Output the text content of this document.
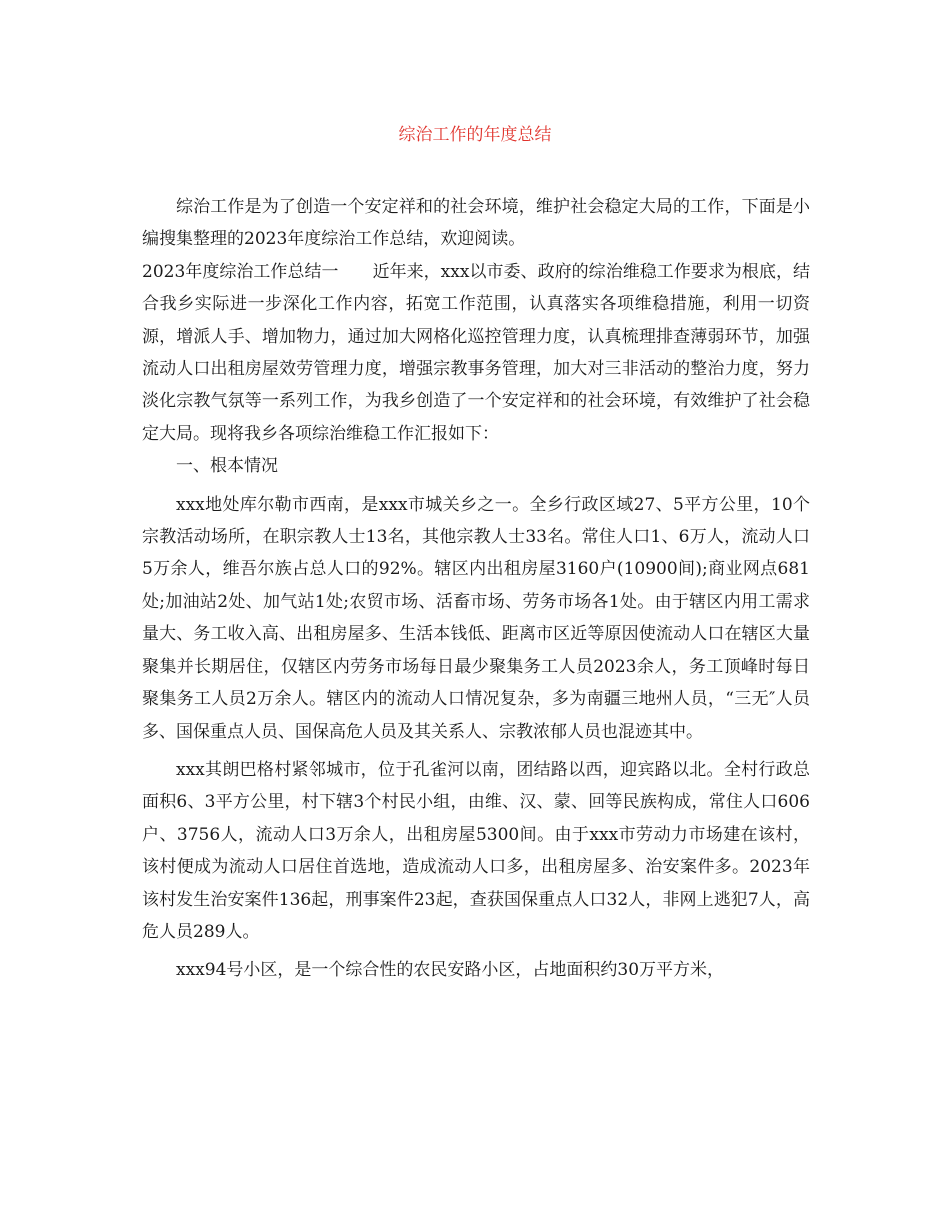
综治工作的年度总结

综治工作是为了创造一个安定祥和的社会环境，维护社会稳定大局的工作，下面是小编搜集整理的2023年度综治工作总结，欢迎阅读。

2023年度综治工作总结一 近年来，xxx以市委、政府的综治维稳工作要求为根底，结合我乡实际进一步深化工作内容，拓宽工作范围，认真落实各项维稳措施，利用一切资源，增派人手、增加物力，通过加大网格化巡控管理力度，认真梳理排查薄弱环节，加强流动人口出租房屋效劳管理力度，增强宗教事务管理，加大对三非活动的整治力度，努力淡化宗教气氛等一系列工作，为我乡创造了一个安定祥和的社会环境，有效维护了社会稳定大局。现将我乡各项综治维稳工作汇报如下：

一、根本情况

xxx地处库尔勒市西南，是xxx市城关乡之一。全乡行政区域27、5平方公里，10个宗教活动场所，在职宗教人士13名，其他宗教人士33名。常住人口1、6万人，流动人口5万余人，维吾尔族占总人口的92%。辖区内出租房屋3160户(10900间);商业网点681处;加油站2处、加气站1处;农贸市场、活畜市场、劳务市场各1处。由于辖区内用工需求量大、务工收入高、出租房屋多、生活本钱低、距离市区近等原因使流动人口在辖区大量聚集并长期居住，仅辖区内劳务市场每日最少聚集务工人员2023余人，务工顶峰时每日聚集务工人员2万余人。辖区内的流动人口情况复杂，多为南疆三地州人员，“三无″人员多、国保重点人员、国保高危人员及其关系人、宗教浓郁人员也混迹其中。

xxx其朗巴格村紧邻城市，位于孔雀河以南，团结路以西，迎宾路以北。全村行政总面积6、3平方公里，村下辖3个村民小组，由维、汉、蒙、回等民族构成，常住人口606户、3756人，流动人口3万余人，出租房屋5300间。由于xxx市劳动力市场建在该村，该村便成为流动人口居住首选地，造成流动人口多，出租房屋多、治安案件多。2023年该村发生治安案件136起，刑事案件23起，查获国保重点人口32人，非网上逃犯7人，高危人员289人。

xxx94号小区，是一个综合性的农民安路小区，占地面积约30万平方米，
